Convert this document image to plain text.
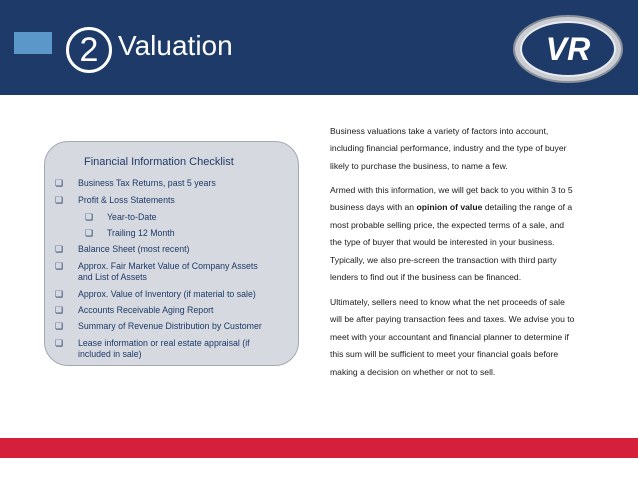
2 Valuation	VR
Financial Information Checklist
❏
❏
❏
❏
❏
❏
❏
❏
❏
❏
Business Tax Returns, past 5 years
Profit & Loss Statements
Year-to-Date
Trailing 12 Month
Balance Sheet (most recent)
Approx. Fair Market Value of Company Assets
and List of Assets
Approx. Value of Inventory (if material to sale)
Accounts Receivable Aging Report
Summary of Revenue Distribution by Customer
Lease information or real estate appraisal (if
included in sale)
Business valuations take a variety of factors into account,
including financial performance, industry and the type of buyer
likely to purchase the business, to name a few.
Armed with this information, we will get back to you within 3 to 5
business days with an opinion of value detailing the range of a
most probable selling price, the expected terms of a sale, and
the type of buyer that would be interested in your business.
Typically, we also pre-screen the transaction with third party
lenders to find out if the business can be financed.
Ultimately, sellers need to know what the net proceeds of sale
will be after paying transaction fees and taxes. We advise you to
meet with your accountant and financial planner to determine if
this sum will be sufficient to meet your financial goals before
making a decision on whether or not to sell.
